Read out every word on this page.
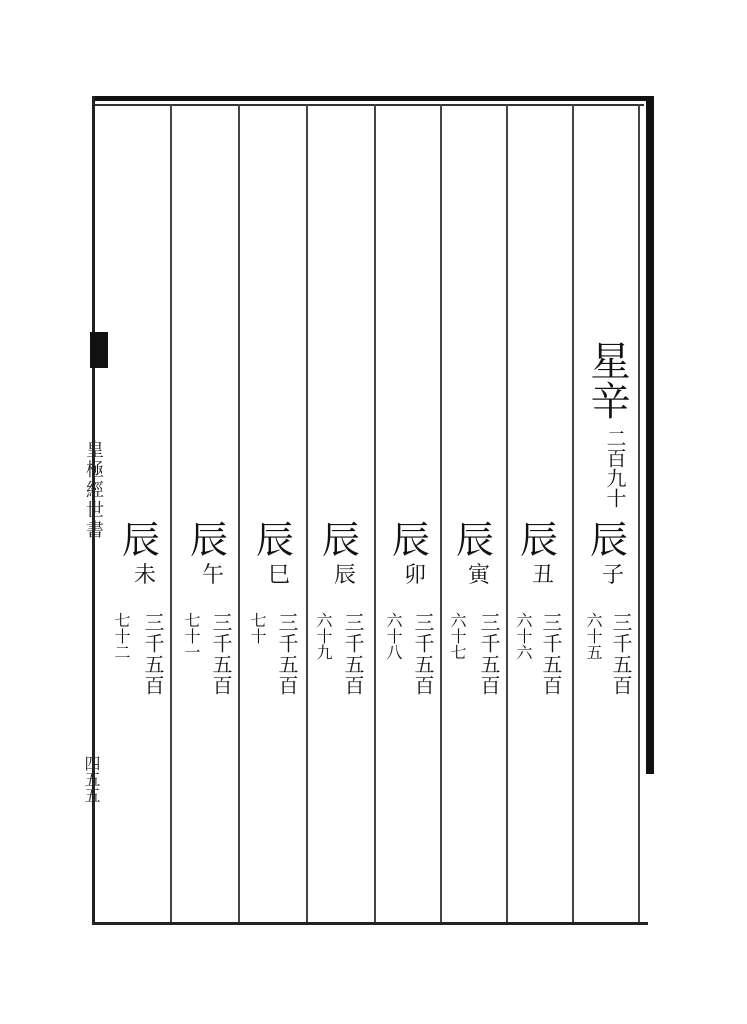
皇極經世書
四五五
星辛
二百九十
辰
子
三千五百
六十五
辰
丑
三千五百
六十六
辰
寅
三千五百
六十七
辰
卯
三千五百
六十八
辰
辰
三千五百
六十九
辰
巳
三千五百
七十
辰
午
三千五百
七十一
辰
未
三千五百
七十二
